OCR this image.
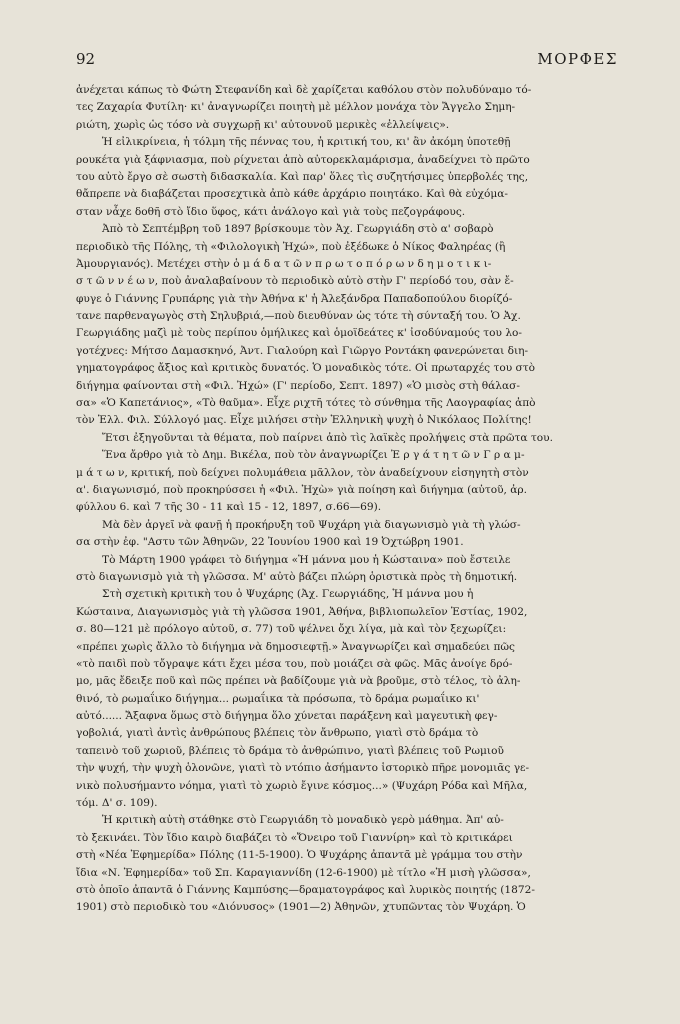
92	ΜΟΡΦΕΣ
ἀνέχεται κάπως τὸ Φώτη Στεφανίδη καὶ δὲ χαρίζεται καθόλου στὸν πολυδύναμο τό-
τες Ζαχαρία Φυτίλη· κι' ἀναγνωρίζει ποιητὴ μὲ μέλλον μονάχα τὸν Ἄγγελο Σημη-
ριώτη, χωρὶς ὡς τόσο νὰ συγχωρῇ κι' αὐτουνοῦ μερικὲς «ἐλλείψεις».
Ἡ εἰλικρίνεια, ἡ τόλμη τῆς πέννας του, ἡ κριτική του, κι' ἂν ἀκόμη ὑποτεθῇ
ρουκέτα γιὰ ξάφνιασμα, ποὺ ρίχνεται ἀπὸ αὐτορεκλαμάρισμα, ἀναδείχνει τὸ πρῶτο
του αὐτὸ ἔργο σὲ σωστὴ διδασκαλία. Καὶ παρ' ὅλες τὶς συζητήσιμες ὑπερβολές της,
θἄπρεπε νὰ διαβάζεται προσεχτικὰ ἀπὸ κάθε ἀρχάριο ποιητάκο. Καὶ θὰ εὐχόμα-
σταν νἆχε δοθῆ στὸ ἴδιο ὕφος, κάτι ἀνάλογο καὶ γιὰ τοὺς πεζογράφους.
Ἀπὸ τὸ Σεπτέμβρη τοῦ 1897 βρίσκουμε τὸν Ἀχ. Γεωργιάδη στὸ α' σοβαρὸ
περιοδικὸ τῆς Πόλης, τὴ «Φιλολογικὴ Ἠχώ», ποὺ ἐξέδωκε ὁ Νίκος Φαληρέας (ἢ
Ἀμουργιανός). Μετέχει στὴν ὁ μ ά δ α τ ῶ ν π ρ ω τ ο π ό ρ ω ν δ η μ ο τ ι κ ι-
σ τ ῶ ν ν έ ω ν, ποὺ ἀναλαβαίνουν τὸ περιοδικὸ αὐτὸ στὴν Γ' περίοδό του, σὰν ἔ-
φυγε ὁ Γιάννης Γρυπάρης γιὰ τὴν Ἀθήνα κ' ἡ Ἀλεξάνδρα Παπαδοπούλου διορίζό-
τανε παρθεναγωγὸς στὴ Σηλυβριά,—ποὺ διευθύναν ὡς τότε τὴ σύνταξή του. Ὁ Ἀχ.
Γεωργιάδης μαζὶ μὲ τοὺς περίπου ὁμήλικες καὶ ὁμοϊδεάτες κ' ἰσοδύναμούς του λο-
γοτέχνες: Μήτσο Δαμασκηνό, Ἀντ. Γιαλούρη καὶ Γιῶργο Ροντάκη φανερώνεται διη-
γηματογράφος ἄξιος καὶ κριτικὸς δυνατός. Ὁ μοναδικὸς τότε. Οἱ πρωταρχές του στὸ
διήγημα φαίνονται στὴ «Φιλ. Ἠχώ» (Γ' περίοδο, Σεπτ. 1897) «Ὁ μισὸς στὴ θάλασ-
σα» «Ὁ Καπετάνιος», «Τὸ θαῦμα». Εἶχε ριχτῆ τότες τὸ σύνθημα τῆς Λαογραφίας ἀπὸ
τὸν Ἑλλ. Φιλ. Σύλλογό μας. Εἶχε μιλήσει στὴν Ἑλληνικὴ ψυχὴ ὁ Νικόλαος Πολίτης!
Ἔτσι ἐξηγοῦνται τὰ θέματα, ποὺ παίρνει ἀπὸ τὶς λαϊκὲς προλήψεις στὰ πρῶτα του.
Ἕνα ἄρθρο γιὰ τὸ Δημ. Βικέλα, ποὺ τὸν ἀναγνωρίζει Ἐ ρ γ ά τ η τ ῶ ν Γ ρ α μ-
μ ά τ ω ν, κριτική, ποὺ δείχνει πολυμάθεια μᾶλλον, τὸν ἀναδείχνουν εἰσηγητὴ στὸν
α'. διαγωνισμό, ποὺ προκηρύσσει ἡ «Φιλ. Ἠχὼ» γιὰ ποίηση καὶ διήγημα (αὐτοῦ, ἀρ.
φύλλου 6. καὶ 7 τῆς 30 - 11 καὶ 15 - 12, 1897, σ.66—69).
Μὰ δὲν ἀργεῖ νὰ φανῇ ἡ προκήρυξη τοῦ Ψυχάρη γιὰ διαγωνισμὸ γιὰ τὴ γλώσ-
σα στὴν ἐφ. "Αστυ τῶν Ἀθηνῶν, 22 Ἰουνίου 1900 καὶ 19 Ὀχτώβρη 1901.
Τὸ Μάρτη 1900 γράφει τὸ διήγημα «Ἡ μάννα μου ἡ Κώσταινα» ποὺ ἔστειλε
στὸ διαγωνισμὸ γιὰ τὴ γλῶσσα. Μ' αὐτὸ βάζει πλώρη ὁριστικὰ πρὸς τὴ δημοτική.
Στὴ σχετικὴ κριτικὴ του ὁ Ψυχάρης (Ἀχ. Γεωργιάδης, Ἡ μάννα μου ἡ
Κώσταινα, Διαγωνισμὸς γιὰ τὴ γλῶσσα 1901, Ἀθήνα, βιβλιοπωλεῖον Ἑστίας, 1902,
σ. 80—121 μὲ πρόλογο αὐτοῦ, σ. 77) τοῦ ψέλνει ὄχι λίγα, μὰ καὶ τὸν ξεχωρίζει:
«πρέπει χωρὶς ἄλλο τὸ διήγημα νὰ δημοσιεφτῇ.» Ἀναγνωρίζει καὶ σημαδεύει πῶς
«τὸ παιδὶ ποὺ τὄγραψε κάτι ἔχει μέσα του, ποὺ μοιάζει σὰ φῶς. Μᾶς ἀνοίγε δρό-
μο, μᾶς ἔδειξε ποῦ καὶ πῶς πρέπει νὰ βαδίζουμε γιὰ νὰ βροῦμε, στὸ τέλος, τὸ ἀλη-
θινό, τὸ ρωμαΐικο διήγημα... ρωμαΐικα τὰ πρόσωπα, τὸ δράμα ρωμαΐικο κι'
αὐτό...... Ἄξαφνα ὅμως στὸ διήγημα ὅλο χύνεται παράξενη καὶ μαγευτικὴ φεγ-
γοβολιά, γιατὶ ἀντὶς ἀνθρώπους βλέπεις τὸν ἄνθρωπο, γιατὶ στὸ δράμα τὸ
ταπεινὸ τοῦ χωριοῦ, βλέπεις τὸ δράμα τὸ ἀνθρώπινο, γιατὶ βλέπεις τοῦ Ρωμιοῦ
τὴν ψυχή, τὴν ψυχὴ ὁλονῶνε, γιατὶ τὸ ντόπιο ἀσήμαντο ἱστορικὸ πῆρε μονομιᾶς γε-
νικὸ πολυσήμαντο νόημα, γιατὶ τὸ χωριὸ ἔγινε κόσμος...» (Ψυχάρη Ρόδα καὶ Μῆλα,
τόμ. Δ' σ. 109).
Ἡ κριτικὴ αὐτὴ στάθηκε στὸ Γεωργιάδη τὸ μοναδικὸ γερὸ μάθημα. Ἀπ' αὐ-
τὸ ξεκινάει. Τὸν ἴδιο καιρὸ διαβάζει τὸ «Ὄνειρο τοῦ Γιαννίρη» καὶ τὸ κριτικάρει
στὴ «Νέα Ἐφημερίδα» Πόλης (11-5-1900). Ὁ Ψυχάρης ἀπαντᾶ μὲ γράμμα του στὴν
ἴδια «Ν. Ἐφημερίδα» τοῦ Σπ. Καραγιαννίδη (12-6-1900) μὲ τίτλο «Ἡ μισὴ γλῶσσα»,
στὸ ὁποῖο ἀπαντᾶ ὁ Γιάννης Καμπύσης—δραματογράφος καὶ λυρικὸς ποιητής (1872-
1901) στὸ περιοδικὸ του «Διόνυσος» (1901—2) Ἀθηνῶν, χτυπῶντας τὸν Ψυχάρη. Ὁ
